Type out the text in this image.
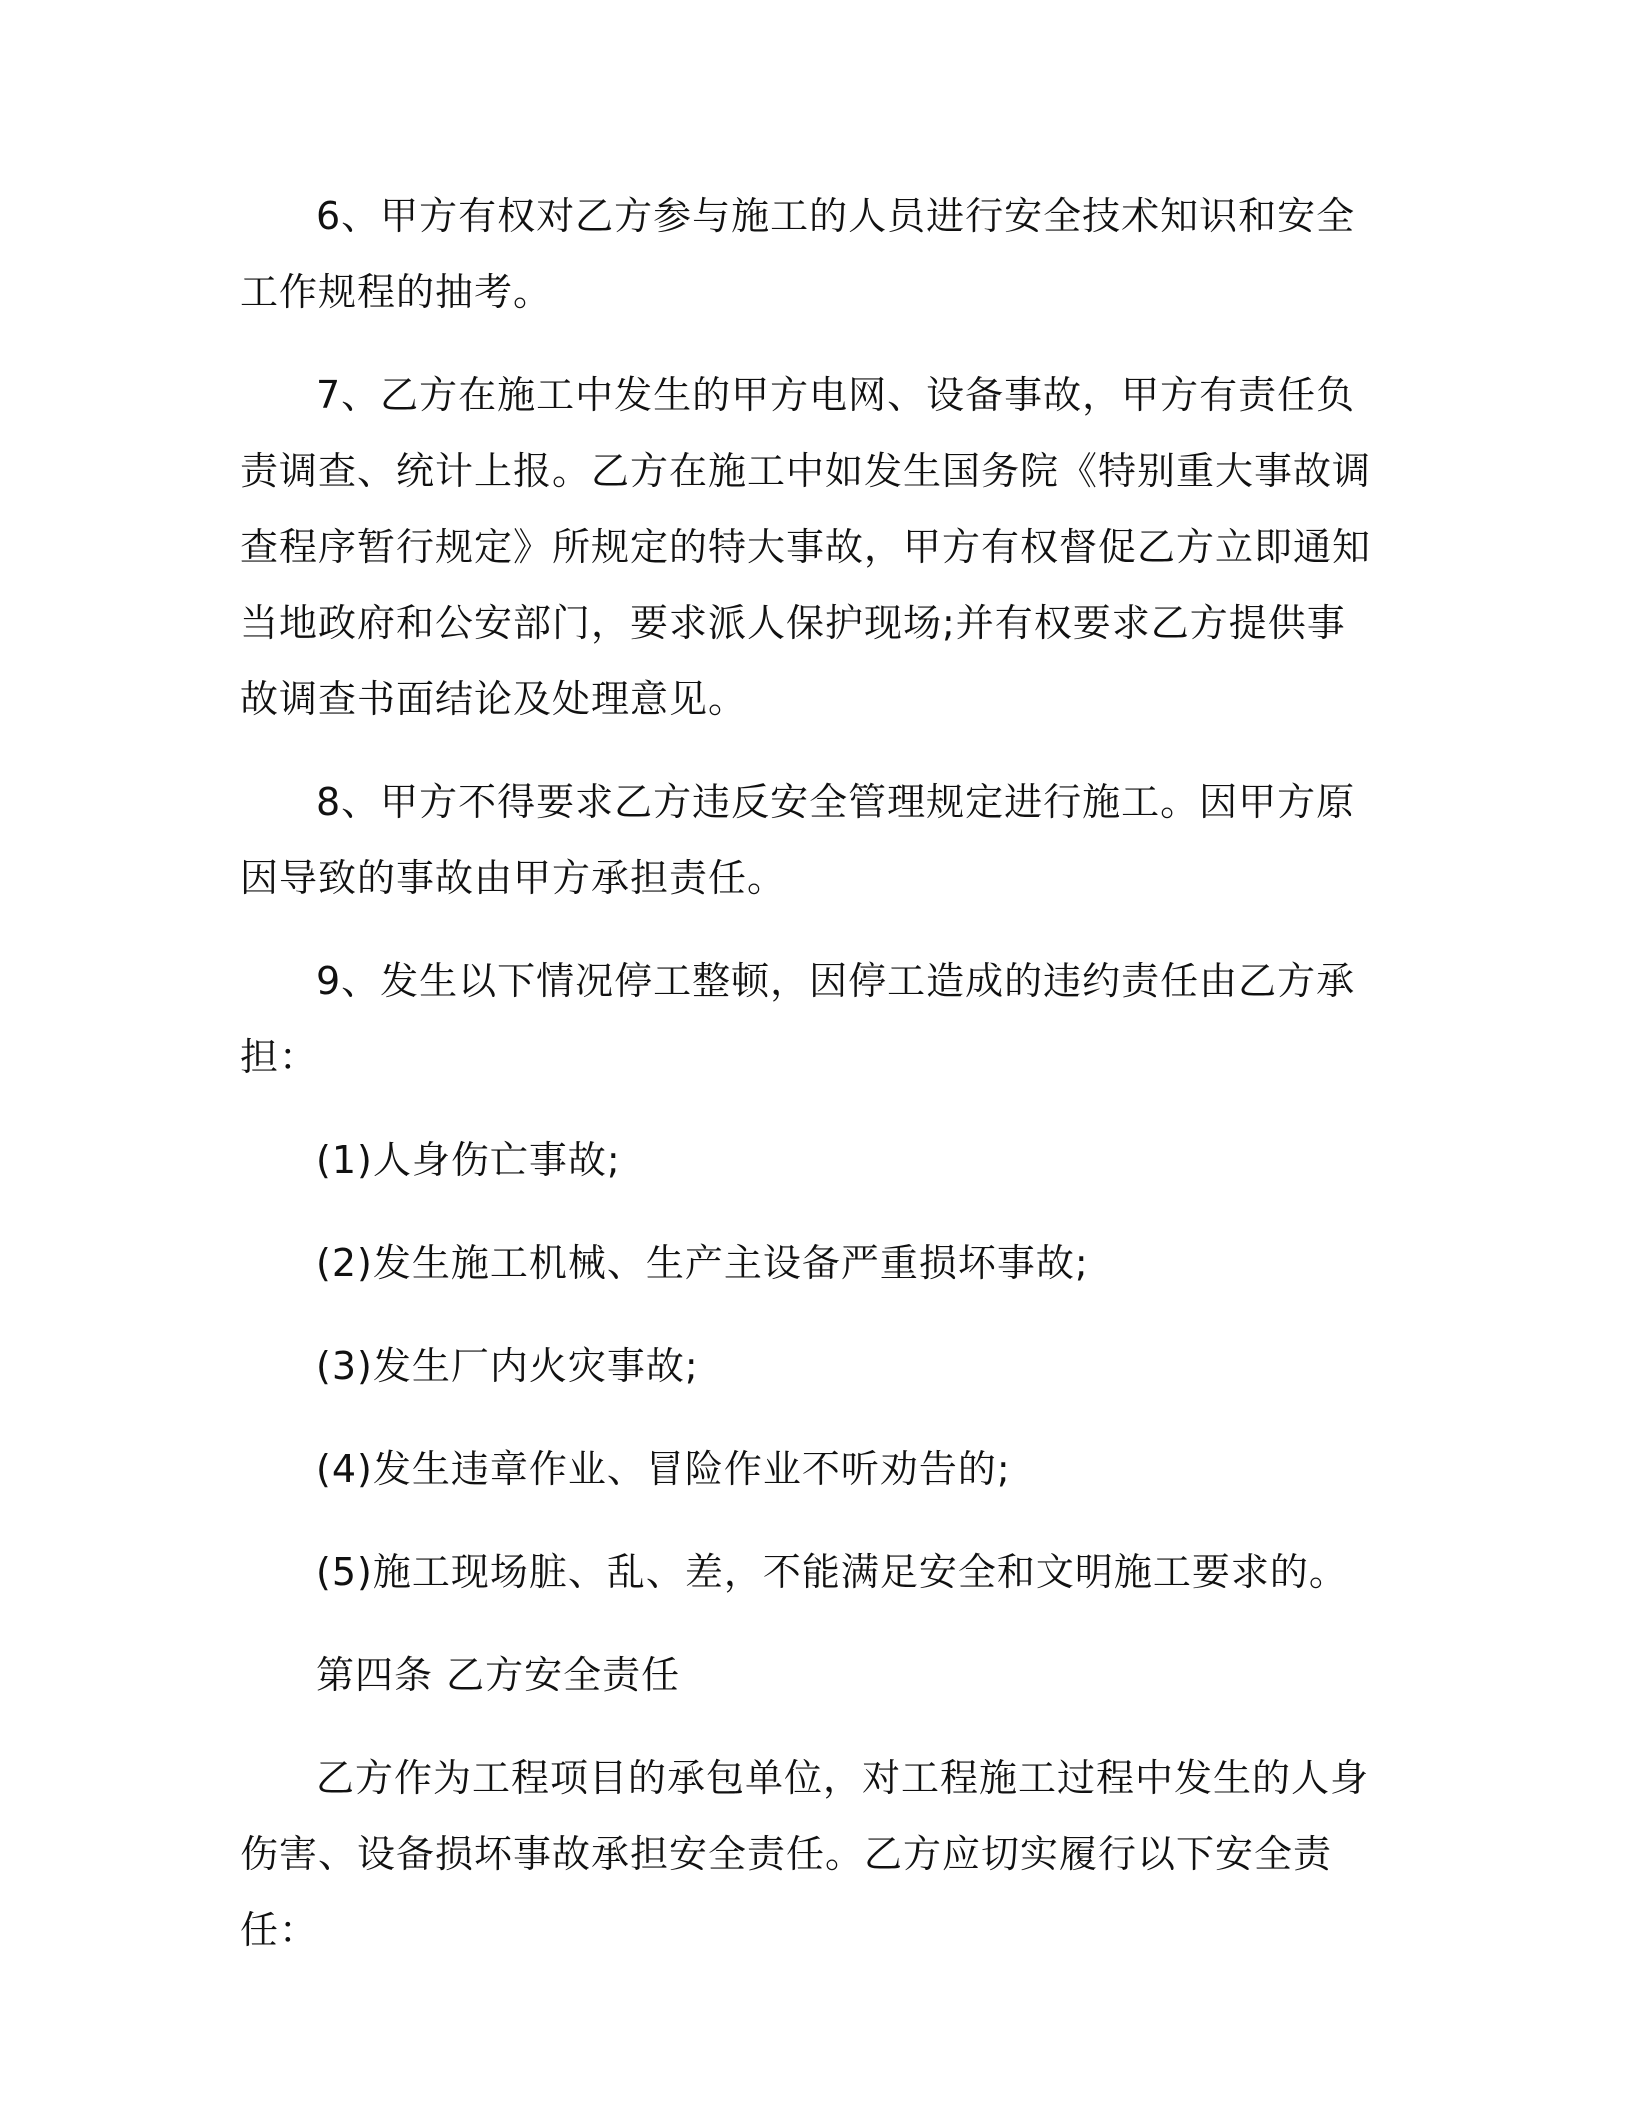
6、甲方有权对乙方参与施工的人员进行安全技术知识和安全工作规程的抽考。

7、乙方在施工中发生的甲方电网、设备事故，甲方有责任负责调查、统计上报。乙方在施工中如发生国务院《特别重大事故调查程序暂行规定》所规定的特大事故，甲方有权督促乙方立即通知当地政府和公安部门，要求派人保护现场;并有权要求乙方提供事故调查书面结论及处理意见。

8、甲方不得要求乙方违反安全管理规定进行施工。因甲方原因导致的事故由甲方承担责任。

9、发生以下情况停工整顿，因停工造成的违约责任由乙方承担：

(1)人身伤亡事故;

(2)发生施工机械、生产主设备严重损坏事故;

(3)发生厂内火灾事故;

(4)发生违章作业、冒险作业不听劝告的;

(5)施工现场脏、乱、差，不能满足安全和文明施工要求的。

第四条 乙方安全责任

乙方作为工程项目的承包单位，对工程施工过程中发生的人身伤害、设备损坏事故承担安全责任。乙方应切实履行以下安全责任：
